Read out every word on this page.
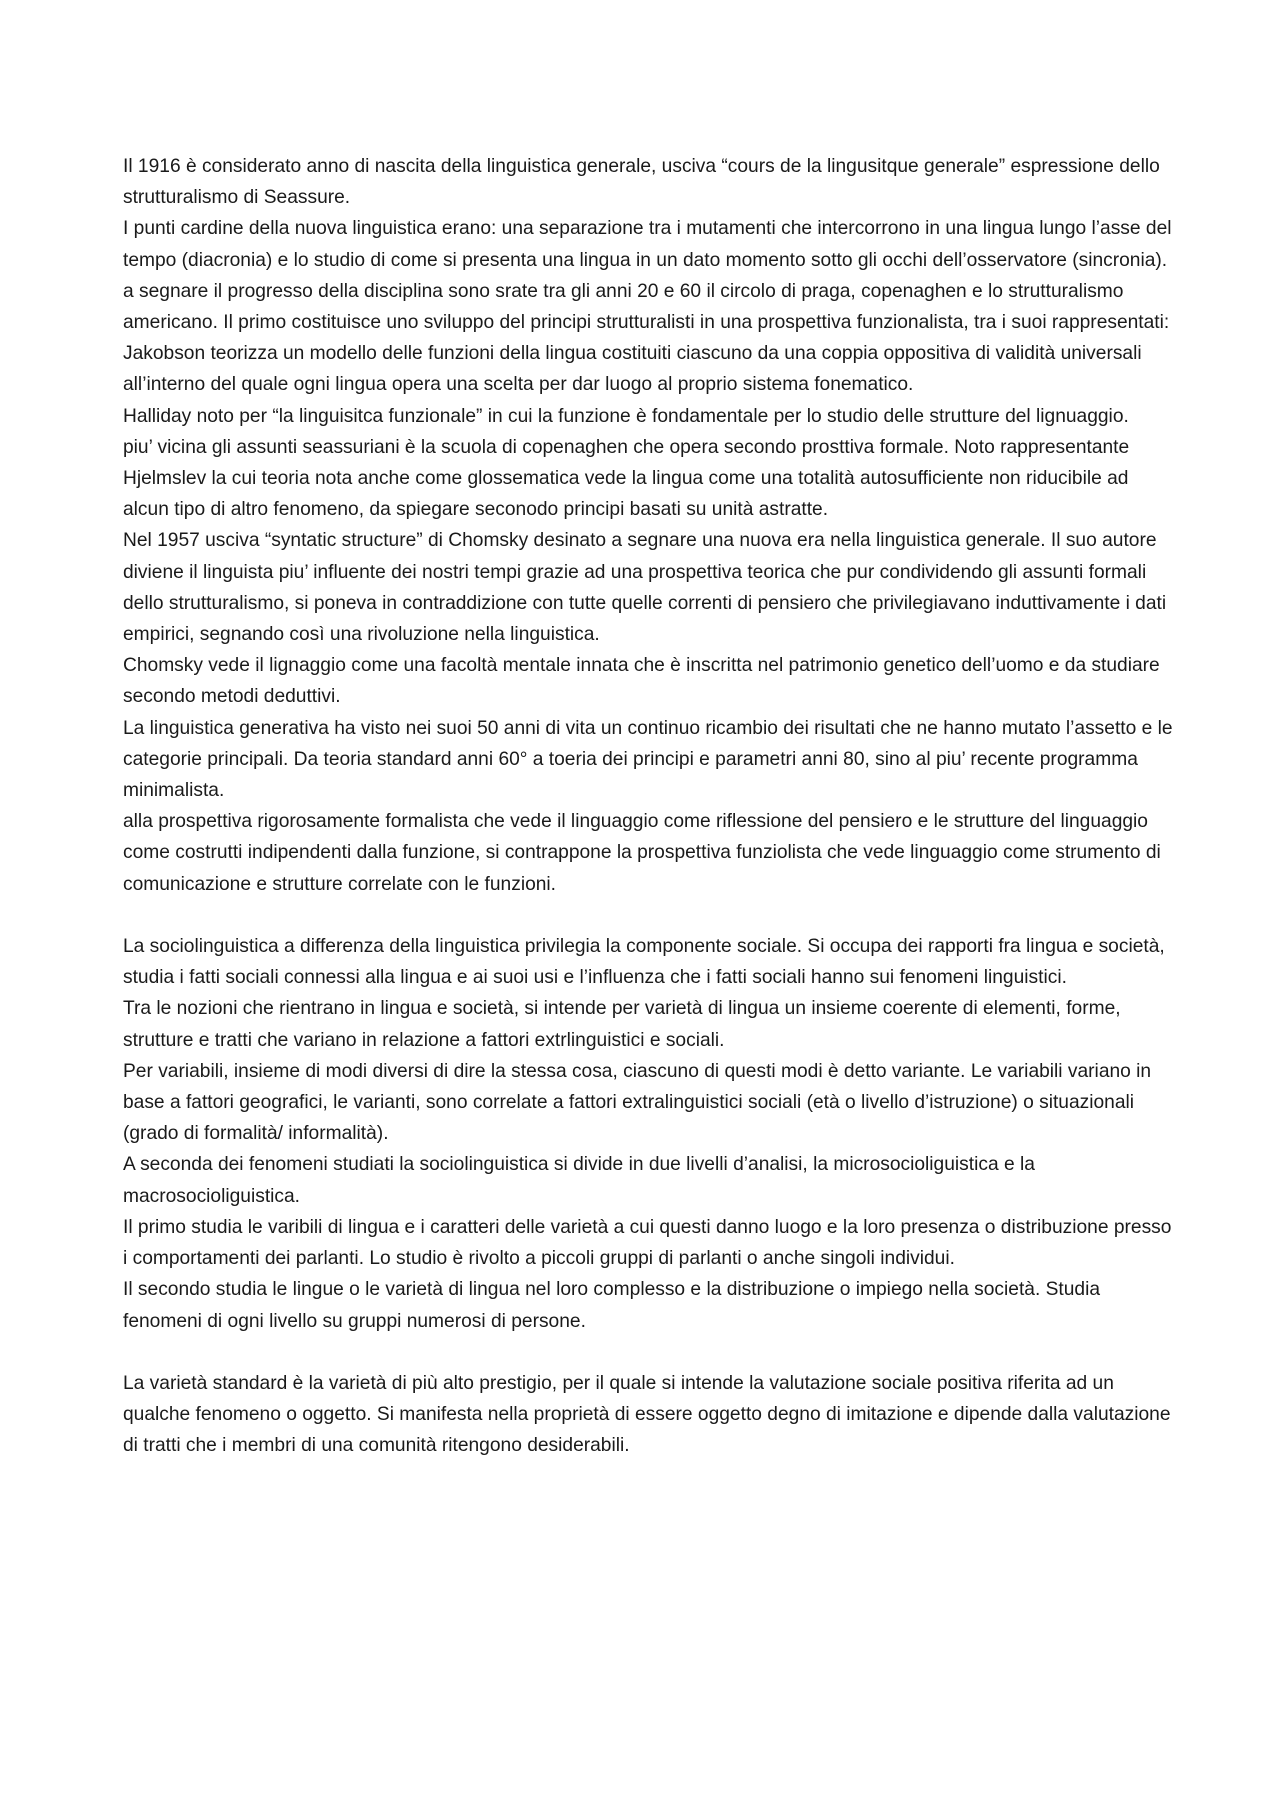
Il 1916 è considerato anno di nascita della linguistica generale, usciva “cours de la lingusitque generale” espressione dello strutturalismo di Seassure.

I punti cardine della nuova linguistica erano: una separazione tra i mutamenti che intercorrono in una lingua lungo l’asse del tempo (diacronia) e lo studio di come si presenta una lingua in un dato momento sotto gli occhi dell’osservatore (sincronia).

a segnare il progresso della disciplina sono srate tra gli anni 20 e 60 il circolo di praga, copenaghen e lo strutturalismo americano. Il primo costituisce uno sviluppo del principi strutturalisti in una prospettiva funzionalista, tra i suoi rappresentati: Jakobson teorizza un modello delle funzioni della lingua costituiti ciascuno da una coppia oppositiva di validità universali all’interno del quale ogni lingua opera una scelta per dar luogo al proprio sistema fonematico.

Halliday noto per “la linguisitca funzionale” in cui la funzione è fondamentale per lo studio delle strutture del lignuaggio.

piu’ vicina gli assunti seassuriani è la scuola di copenaghen che opera secondo prosttiva formale. Noto rappresentante Hjelmslev la cui teoria nota anche come glossematica vede la lingua come una totalità autosufficiente non riducibile ad alcun tipo di altro fenomeno, da spiegare seconodo principi basati su unità astratte.

Nel 1957 usciva “syntatic structure” di Chomsky desinato a segnare una nuova era nella linguistica generale. Il suo autore diviene il linguista piu’ influente dei nostri tempi grazie ad una prospettiva teorica che pur condividendo gli assunti formali dello strutturalismo, si poneva in contraddizione con tutte quelle correnti di pensiero che privilegiavano induttivamente i dati empirici, segnando così una rivoluzione nella linguistica.

Chomsky vede il lignaggio come una facoltà mentale innata che è inscritta nel patrimonio genetico dell’uomo e da studiare secondo metodi deduttivi.

La linguistica generativa ha visto nei suoi 50 anni di vita un continuo ricambio dei risultati che ne hanno mutato l’assetto e le categorie principali. Da teoria standard anni 60° a toeria dei principi e parametri anni 80, sino al piu’ recente programma minimalista.

alla prospettiva rigorosamente formalista che vede il linguaggio come riflessione del pensiero e le strutture del linguaggio come costrutti indipendenti dalla funzione, si contrappone la prospettiva funziolista che vede linguaggio come strumento di comunicazione e strutture correlate con le funzioni.

La sociolinguistica a differenza della linguistica privilegia la componente sociale. Si occupa dei rapporti fra lingua e società, studia i fatti sociali connessi alla lingua e ai suoi usi e l’influenza che i fatti sociali hanno sui fenomeni linguistici.

Tra le nozioni che rientrano in lingua e società, si intende per varietà di lingua un insieme coerente di elementi, forme, strutture e tratti che variano in relazione a fattori extrlinguistici e sociali.

Per variabili, insieme di modi diversi di dire la stessa cosa, ciascuno di questi modi è detto variante. Le variabili variano in base a fattori geografici, le varianti, sono correlate a fattori extralinguistici sociali (età o livello d’istruzione) o situazionali (grado di formalità/ informalità).

A seconda dei fenomeni studiati la sociolinguistica si divide in due livelli d’analisi, la microsocioliguistica e la macrosocioliguistica.

Il primo studia le varibili di lingua e i caratteri delle varietà a cui questi danno luogo e la loro presenza o distribuzione presso i comportamenti dei parlanti. Lo studio è rivolto a piccoli gruppi di parlanti o anche singoli individui.

Il secondo studia le lingue o le varietà di lingua nel loro complesso e la distribuzione o impiego nella società. Studia fenomeni di ogni livello su gruppi numerosi di persone.

La varietà standard è la varietà di più alto prestigio, per il quale si intende la valutazione sociale positiva riferita ad un qualche fenomeno o oggetto. Si manifesta nella proprietà di essere oggetto degno di imitazione e dipende dalla valutazione di tratti che i membri di una comunità ritengono desiderabili.
